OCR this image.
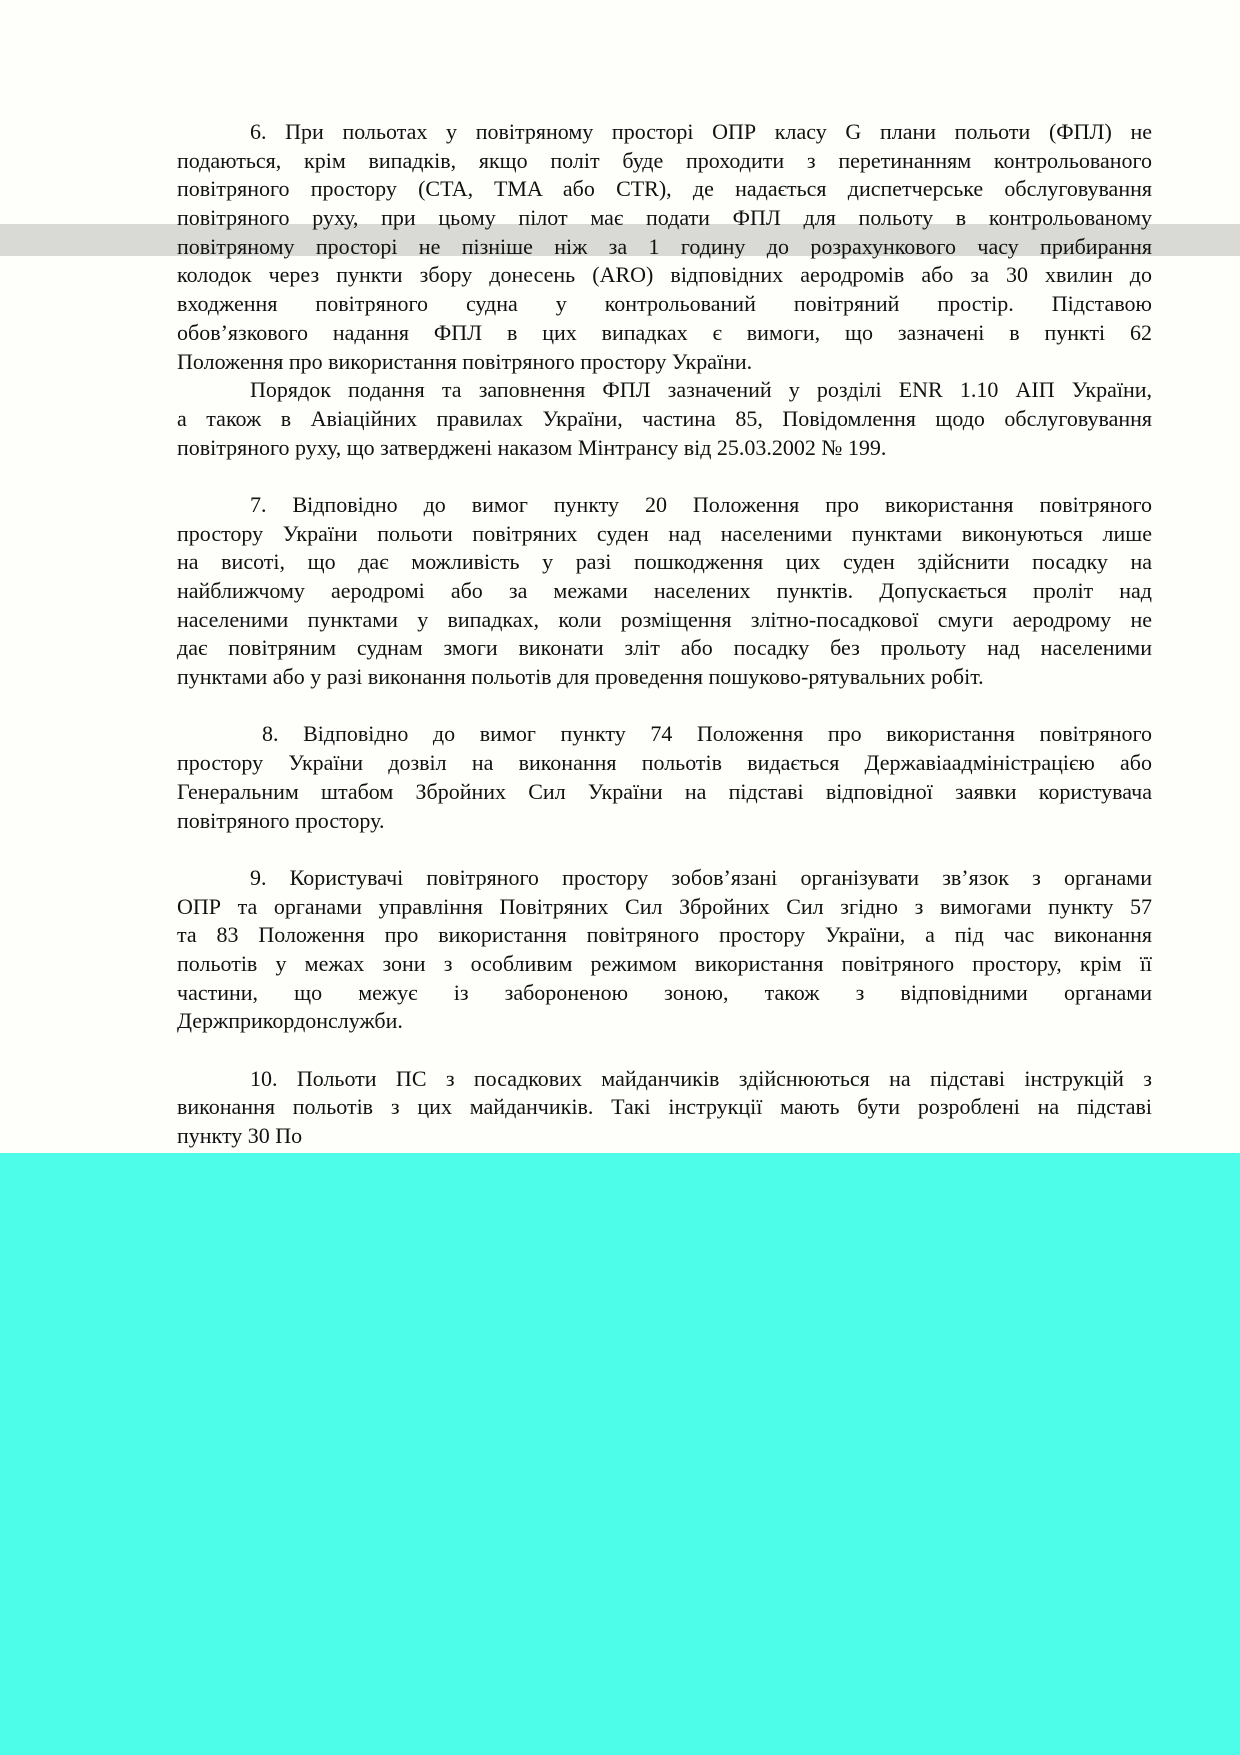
6. При польотах у повітряному просторі ОПР класу G плани польоти (ФПЛ) не
подаються, крім випадків, якщо політ буде проходити з перетинанням контрольованого
повітряного простору (CTA, TMA або CTR), де надається диспетчерське обслуговування
повітряного руху, при цьому пілот має подати ФПЛ для польоту в контрольованому
повітряному просторі не пізніше ніж за 1 годину до розрахункового часу прибирання
колодок через пункти збору донесень (ARO) відповідних аеродромів або за 30 хвилин до
входження повітряного судна у контрольований повітряний простір. Підставою
обов’язкового надання ФПЛ в цих випадках є вимоги, що зазначені в пункті 62
Положення про використання повітряного простору України.
Порядок подання та заповнення ФПЛ зазначений у розділі ENR 1.10 АІП України,
а також в Авіаційних правилах України, частина 85, Повідомлення щодо обслуговування
повітряного руху, що затверджені наказом Мінтрансу від 25.03.2002 № 199.
7. Відповідно до вимог пункту 20 Положення про використання повітряного
простору України польоти повітряних суден над населеними пунктами виконуються лише
на висоті, що дає можливість у разі пошкодження цих суден здійснити посадку на
найближчому аеродромі або за межами населених пунктів. Допускається проліт над
населеними пунктами у випадках, коли розміщення злітно-посадкової смуги аеродрому не
дає повітряним суднам змоги виконати зліт або посадку без прольоту над населеними
пунктами або у разі виконання польотів для проведення пошуково-рятувальних робіт.
8. Відповідно до вимог пункту 74 Положення про використання повітряного
простору України дозвіл на виконання польотів видається Державіаадміністрацією або
Генеральним штабом Збройних Сил України на підставі відповідної заявки користувача
повітряного простору.
9. Користувачі повітряного простору зобов’язані організувати зв’язок з органами
ОПР та органами управління Повітряних Сил Збройних Сил згідно з вимогами пункту 57
та 83 Положення про використання повітряного простору України, а під час виконання
польотів у межах зони з особливим режимом використання повітряного простору, крім її
частини, що межує із забороненою зоною, також з відповідними органами
Держприкордонслужби.
10. Польоти ПС з посадкових майданчиків здійснюються на підставі інструкцій з
виконання польотів з цих майданчиків. Такі інструкції мають бути розроблені на підставі
пункту 30 По
